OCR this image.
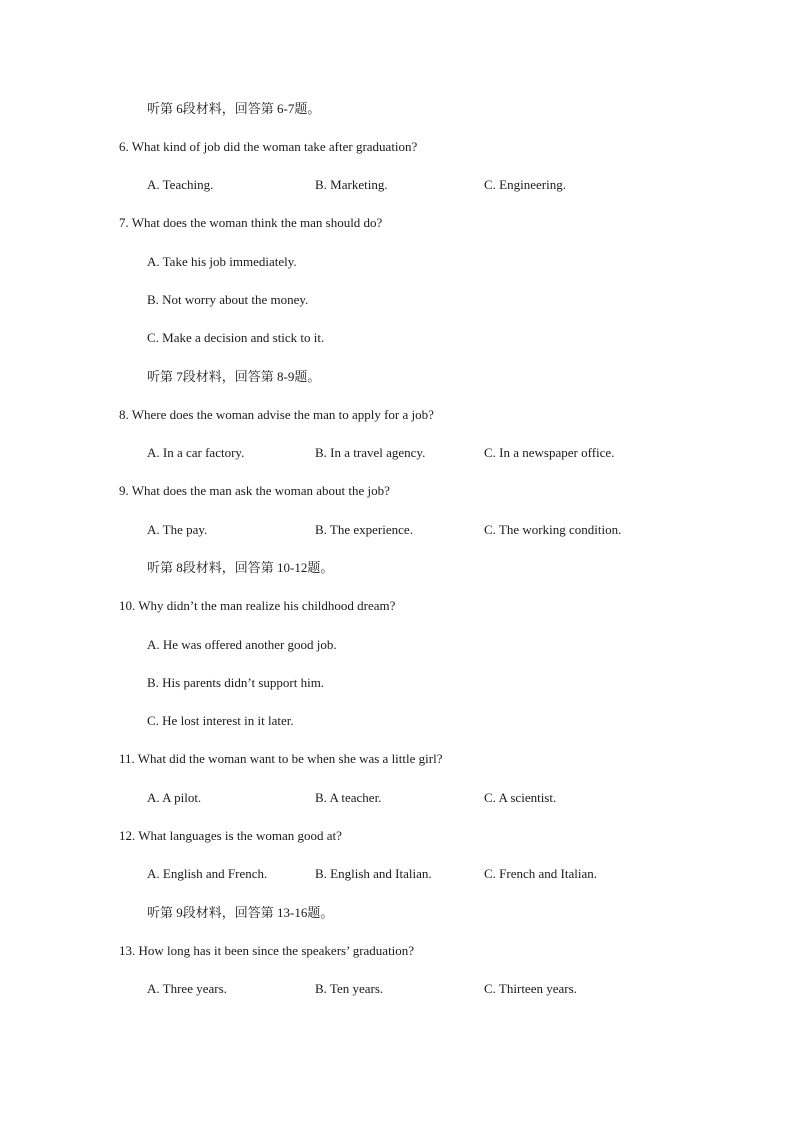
听第 6段材料，回答第 6-7题。
6. What kind of job did the woman take after graduation?
A. Teaching.	B. Marketing.	C. Engineering.
7. What does the woman think the man should do?
A. Take his job immediately.
B. Not worry about the money.
C. Make a decision and stick to it.
听第 7段材料，回答第 8-9题。
8. Where does the woman advise the man to apply for a job?
A. In a car factory.	B. In a travel agency.	C. In a newspaper office.
9. What does the man ask the woman about the job?
A. The pay.	B. The experience.	C. The working condition.
听第 8段材料，回答第 10-12题。
10. Why didn’t the man realize his childhood dream?
A. He was offered another good job.
B. His parents didn’t support him.
C. He lost interest in it later.
11. What did the woman want to be when she was a little girl?
A. A pilot.	B. A teacher.	C. A scientist.
12. What languages is the woman good at?
A. English and French.	B. English and Italian.	C. French and Italian.
听第 9段材料，回答第 13-16题。
13. How long has it been since the speakers’ graduation?
A. Three years.	B. Ten years.	C. Thirteen years.
